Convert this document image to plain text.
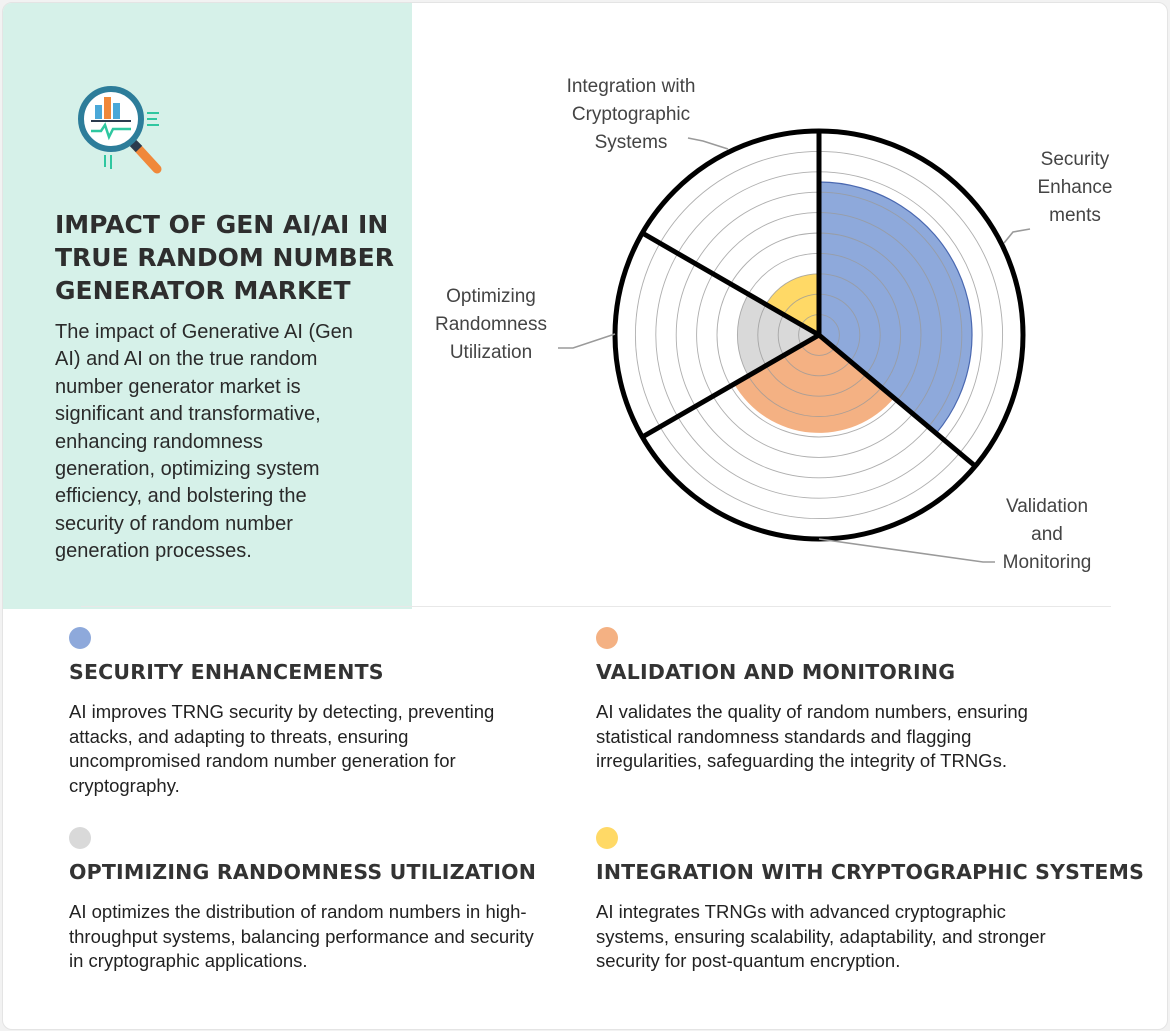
IMPACT OF GEN AI/AI IN TRUE RANDOM NUMBER GENERATOR MARKET

The impact of Generative AI (Gen AI) and AI on the true random number generator market is significant and transformative, enhancing randomness generation, optimizing system efficiency, and bolstering the security of random number generation processes.

Security
Enhance
ments
Validation
and
Monitoring
Optimizing
Randomness
Utilization
Integration with
Cryptographic
Systems
SECURITY ENHANCEMENTS

AI improves TRNG security by detecting, preventing attacks, and adapting to threats, ensuring uncompromised random number generation for cryptography.

VALIDATION AND MONITORING

AI validates the quality of random numbers, ensuring statistical randomness standards and flagging irregularities, safeguarding the integrity of TRNGs.

OPTIMIZING RANDOMNESS UTILIZATION

AI optimizes the distribution of random numbers in high-throughput systems, balancing performance and security in cryptographic applications.

INTEGRATION WITH CRYPTOGRAPHIC SYSTEMS

AI integrates TRNGs with advanced cryptographic systems, ensuring scalability, adaptability, and stronger security for post-quantum encryption.
